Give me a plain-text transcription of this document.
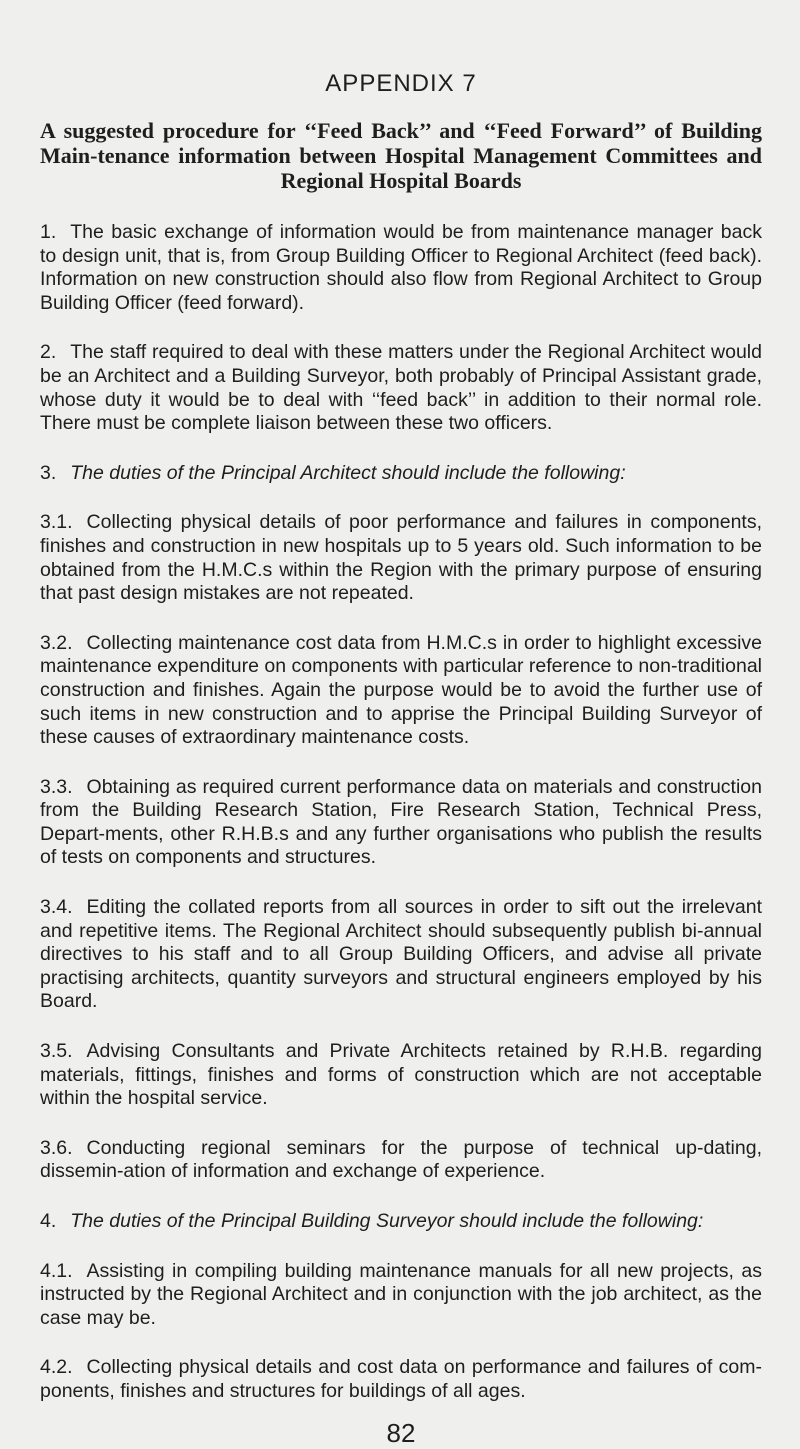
APPENDIX 7
A suggested procedure for ‘‘Feed Back’’ and ‘‘Feed Forward’’ of Building Main-tenance information between Hospital Management Committees and Regional Hospital Boards

1. The basic exchange of information would be from maintenance manager back to design unit, that is, from Group Building Officer to Regional Architect (feed back). Information on new construction should also flow from Regional Architect to Group Building Officer (feed forward).

2. The staff required to deal with these matters under the Regional Architect would be an Architect and a Building Surveyor, both probably of Principal Assistant grade, whose duty it would be to deal with ‘‘feed back’’ in addition to their normal role. There must be complete liaison between these two officers.

3. The duties of the Principal Architect should include the following:

3.1. Collecting physical details of poor performance and failures in components, finishes and construction in new hospitals up to 5 years old. Such information to be obtained from the H.M.C.s within the Region with the primary purpose of ensuring that past design mistakes are not repeated.

3.2. Collecting maintenance cost data from H.M.C.s in order to highlight excessive maintenance expenditure on components with particular reference to non-traditional construction and finishes. Again the purpose would be to avoid the further use of such items in new construction and to apprise the Principal Building Surveyor of these causes of extraordinary maintenance costs.

3.3. Obtaining as required current performance data on materials and construction from the Building Research Station, Fire Research Station, Technical Press, Depart-ments, other R.H.B.s and any further organisations who publish the results of tests on components and structures.

3.4. Editing the collated reports from all sources in order to sift out the irrelevant and repetitive items. The Regional Architect should subsequently publish bi-annual directives to his staff and to all Group Building Officers, and advise all private practising architects, quantity surveyors and structural engineers employed by his Board.

3.5. Advising Consultants and Private Architects retained by R.H.B. regarding materials, fittings, finishes and forms of construction which are not acceptable within the hospital service.

3.6. Conducting regional seminars for the purpose of technical up-dating, dissemin-ation of information and exchange of experience.

4. The duties of the Principal Building Surveyor should include the following:

4.1. Assisting in compiling building maintenance manuals for all new projects, as instructed by the Regional Architect and in conjunction with the job architect, as the case may be.

4.2. Collecting physical details and cost data on performance and failures of com-ponents, finishes and structures for buildings of all ages.

82
